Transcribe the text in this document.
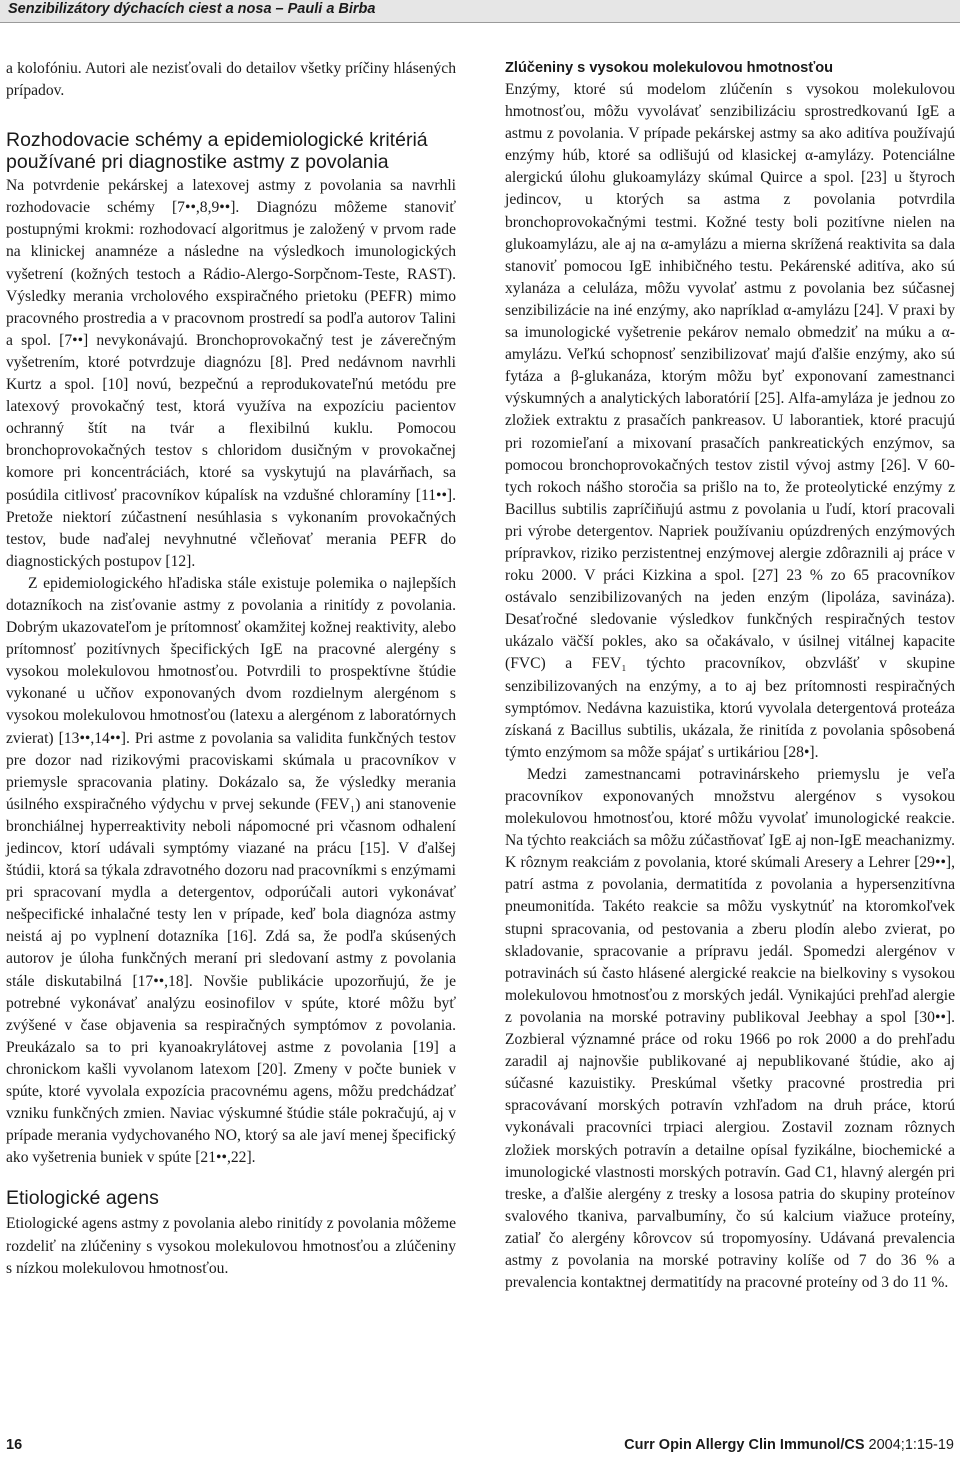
Senzibilizátory dýchacích ciest a nosa – Pauli a Birba

a kolofóniu. Autori ale nezisťovali do detailov všetky príčiny hlásených prípadov.

Rozhodovacie schémy a epidemiologické kritériá používané pri diagnostike astmy z povolania

Na potvrdenie pekárskej a latexovej astmy z povolania sa navrhli rozhodovacie schémy [7••,8,9••]. Diagnózu môžeme stanoviť postupnými krokmi: rozhodovací algoritmus je založený v prvom rade na klinickej anamnéze a následne na výsledkoch imunologických vyšetrení (kožných testoch a Rádio-Alergo-Sorpčnom-Teste, RAST). Výsledky merania vrcholového exspiračného prietoku (PEFR) mimo pracovného prostredia a v pracovnom prostredí sa podľa autorov Talini a spol. [7••] nevykonávajú. Bronchoprovokačný test je záverečným vyšetrením, ktoré potvrdzuje diagnózu [8]. Pred nedávnom navrhli Kurtz a spol. [10] novú, bezpečnú a reprodukovateľnú metódu pre latexový provokačný test, ktorá využíva na expozíciu pacientov ochranný štít na tvár a flexibilnú kuklu. Pomocou bronchoprovokačných testov s chloridom dusičným v provokačnej komore pri koncentráciách, ktoré sa vyskytujú na plavárňach, sa posúdila citlivosť pracovníkov kúpalísk na vzdušné chloramíny [11••]. Pretože niektorí zúčastnení nesúhlasia s vykonaním provokačných testov, bude naďalej nevyhnutné včleňovať merania PEFR do diagnostických postupov [12].

Z epidemiologického hľadiska stále existuje polemika o najlepších dotazníkoch na zisťovanie astmy z povolania a rinitídy z povolania. Dobrým ukazovateľom je prítomnosť okamžitej kožnej reaktivity, alebo prítomnosť pozitívnych špecifických IgE na pracovné alergény s vysokou molekulovou hmotnosťou. Potvrdili to prospektívne štúdie vykonané u učňov exponovaných dvom rozdielnym alergénom s vysokou molekulovou hmotnosťou (latexu a alergénom z laboratórnych zvierat) [13••,14••]. Pri astme z povolania sa validita funkčných testov pre dozor nad rizikovými pracoviskami skúmala u pracovníkov v priemysle spracovania platiny. Dokázalo sa, že výsledky merania úsilného exspiračného výdychu v prvej sekunde (FEV₁) ani stanovenie bronchiálnej hyperreaktivity neboli nápomocné pri včasnom odhalení jedincov, ktorí udávali symptómy viazané na prácu [15]. V ďalšej štúdii, ktorá sa týkala zdravotného dozoru nad pracovníkmi s enzýmami pri spracovaní mydla a detergentov, odporúčali autori vykonávať nešpecifické inhalačné testy len v prípade, keď bola diagnóza astmy neistá aj po vyplnení dotazníka [16]. Zdá sa, že podľa skúsených autorov je úloha funkčných meraní pri sledovaní astmy z povolania stále diskutabilná [17••,18]. Novšie publikácie upozorňujú, že je potrebné vykonávať analýzu eosinofilov v spúte, ktoré môžu byť zvýšené v čase objavenia sa respiračných symptómov z povolania. Preukázalo sa to pri kyanoakrylátovej astme z povolania [19] a chronickom kašli vyvolanom latexom [20]. Zmeny v počte buniek v spúte, ktoré vyvolala expozícia pracovnému agens, môžu predchádzať vzniku funkčných zmien. Naviac výskumné štúdie stále pokračujú, aj v prípade merania vydychovaného NO, ktorý sa ale javí menej špecifický ako vyšetrenia buniek v spúte [21••,22].

Etiologické agens

Etiologické agens astmy z povolania alebo rinitídy z povolania môžeme rozdeliť na zlúčeniny s vysokou molekulovou hmotnosťou a zlúčeniny s nízkou molekulovou hmotnosťou.

Zlúčeniny s vysokou molekulovou hmotnosťou

Enzýmy, ktoré sú modelom zlúčenín s vysokou molekulovou hmotnosťou, môžu vyvolávať senzibilizáciu sprostredkovanú IgE a astmu z povolania. V prípade pekárskej astmy sa ako aditíva používajú enzýmy húb, ktoré sa odlišujú od klasickej α-amylázy. Potenciálne alergickú úlohu glukoamylázy skúmal Quirce a spol. [23] u štyroch jedincov, u ktorých sa astma z povolania potvrdila bronchoprovokačnými testmi. Kožné testy boli pozitívne nielen na glukoamylázu, ale aj na α-amylázu a mierna skrížená reaktivita sa dala stanoviť pomocou IgE inhibičného testu. Pekárenské aditíva, ako sú xylanáza a celuláza, môžu vyvolať astmu z povolania bez súčasnej senzibilizácie na iné enzýmy, ako napríklad α-amylázu [24]. V praxi by sa imunologické vyšetrenie pekárov nemalo obmedziť na múku a α-amylázu. Veľkú schopnosť senzibilizovať majú ďalšie enzýmy, ako sú fytáza a β-glukanáza, ktorým môžu byť exponovaní zamestnanci výskumných a analytických laboratórií [25]. Alfa-amyláza je jednou zo zložiek extraktu z prasačích pankreasov. U laborantiek, ktoré pracujú pri rozomieľaní a mixovaní prasačích pankreatických enzýmov, sa pomocou bronchoprovokačných testov zistil vývoj astmy [26]. V 60-tych rokoch nášho storočia sa prišlo na to, že proteolytické enzýmy z Bacillus subtilis zapríčiňujú astmu z povolania u ľudí, ktorí pracovali pri výrobe detergentov. Napriek používaniu opúzdrených enzýmových prípravkov, riziko perzistentnej enzýmovej alergie zdôraznili aj práce v roku 2000. V práci Kizkina a spol. [27] 23 % zo 65 pracovníkov ostávalo senzibilizovaných na jeden enzým (lipoláza, savináza). Desaťročné sledovanie výsledkov funkčných respiračných testov ukázalo väčší pokles, ako sa očakávalo, v úsilnej vitálnej kapacite (FVC) a FEV₁ týchto pracovníkov, obzvlášť v skupine senzibilizovaných na enzýmy, a to aj bez prítomnosti respiračných symptómov. Nedávna kazuistika, ktorú vyvolala detergentová proteáza získaná z Bacillus subtilis, ukázala, že rinitída z povolania spôsobená týmto enzýmom sa môže spájať s urtikáriou [28•].

Medzi zamestnancami potravinárskeho priemyslu je veľa pracovníkov exponovaných množstvu alergénov s vysokou molekulovou hmotnosťou, ktoré môžu vyvolať imunologické reakcie. Na týchto reakciách sa môžu zúčastňovať IgE aj non-IgE meachanizmy. K rôznym reakciám z povolania, ktoré skúmali Aresery a Lehrer [29••], patrí astma z povolania, dermatitída z povolania a hypersenzitívna pneumonitída. Takéto reakcie sa môžu vyskytnúť na ktoromkoľvek stupni spracovania, od pestovania a zberu plodín alebo zvierat, po skladovanie, spracovanie a prípravu jedál. Spomedzi alergénov v potravinách sú často hlásené alergické reakcie na bielkoviny s vysokou molekulovou hmotnosťou z morských jedál. Vynikajúci prehľad alergie z povolania na morské potraviny publikoval Jeebhay a spol [30••]. Zozbieral významné práce od roku 1966 po rok 2000 a do prehľadu zaradil aj najnovšie publikované aj nepublikované štúdie, ako aj súčasné kazuistiky. Preskúmal všetky pracovné prostredia pri spracovávaní morských potravín vzhľadom na druh práce, ktorú vykonávali pracovníci trpiaci alergiou. Zostavil zoznam rôznych zložiek morských potravín a detailne opísal fyzikálne, biochemické a imunologické vlastnosti morských potravín. Gad C1, hlavný alergén pri treske, a ďalšie alergény z tresky a lososa patria do skupiny proteínov svalového tkaniva, parvalbumíny, čo sú kalcium viažuce proteíny, zatiaľ čo alergény kôrovcov sú tropomyosíny. Udávaná prevalencia astmy z povolania na morské potraviny kolíše od 7 do 36 % a prevalencia kontaktnej dermatitídy na pracovné proteíny od 3 do 11 %.

16	Curr Opin Allergy Clin Immunol/CS 2004;1:15-19
